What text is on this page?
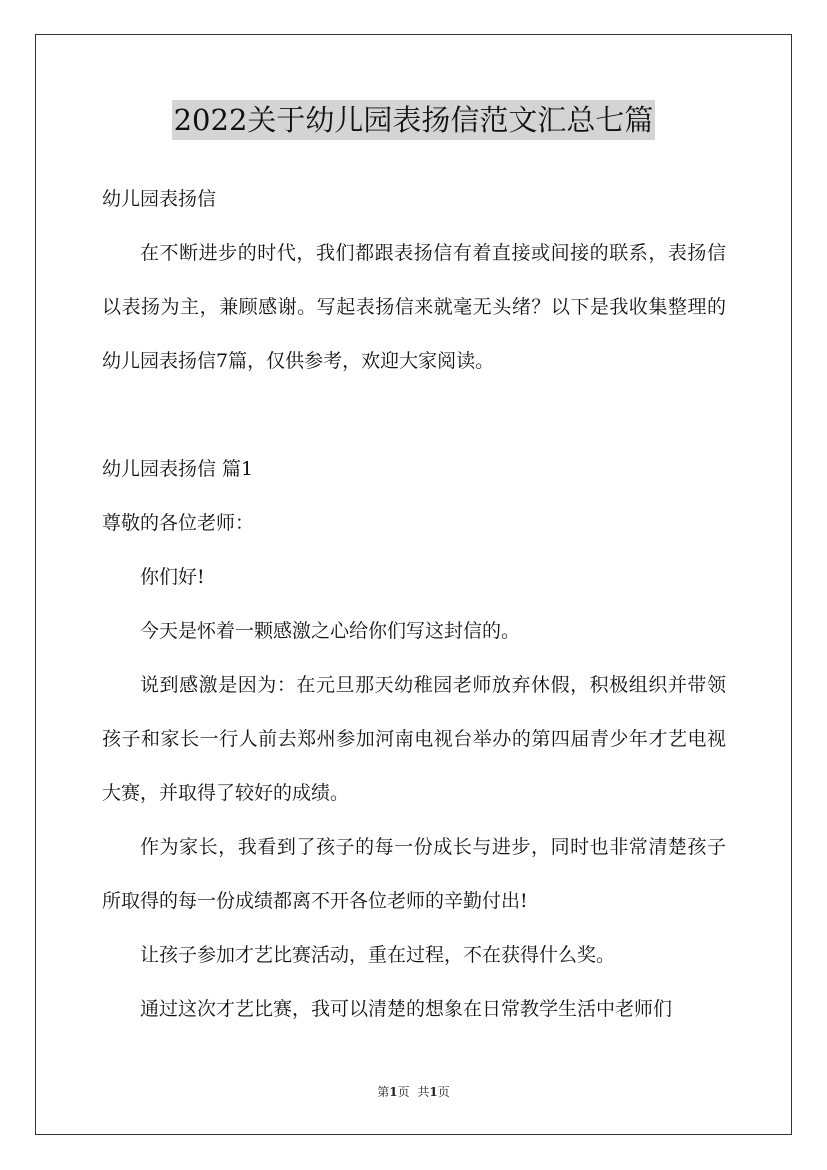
2022关于幼儿园表扬信范文汇总七篇

幼儿园表扬信

在不断进步的时代，我们都跟表扬信有着直接或间接的联系，表扬信以表扬为主，兼顾感谢。写起表扬信来就毫无头绪？以下是我收集整理的幼儿园表扬信7篇，仅供参考，欢迎大家阅读。

幼儿园表扬信 篇1

尊敬的各位老师：

你们好!

今天是怀着一颗感激之心给你们写这封信的。

说到感激是因为：在元旦那天幼稚园老师放弃休假，积极组织并带领孩子和家长一行人前去郑州参加河南电视台举办的第四届青少年才艺电视大赛，并取得了较好的成绩。

作为家长，我看到了孩子的每一份成长与进步，同时也非常清楚孩子所取得的每一份成绩都离不开各位老师的辛勤付出!

让孩子参加才艺比赛活动，重在过程，不在获得什么奖。

通过这次才艺比赛，我可以清楚的想象在日常教学生活中老师们

第1页 共1页
